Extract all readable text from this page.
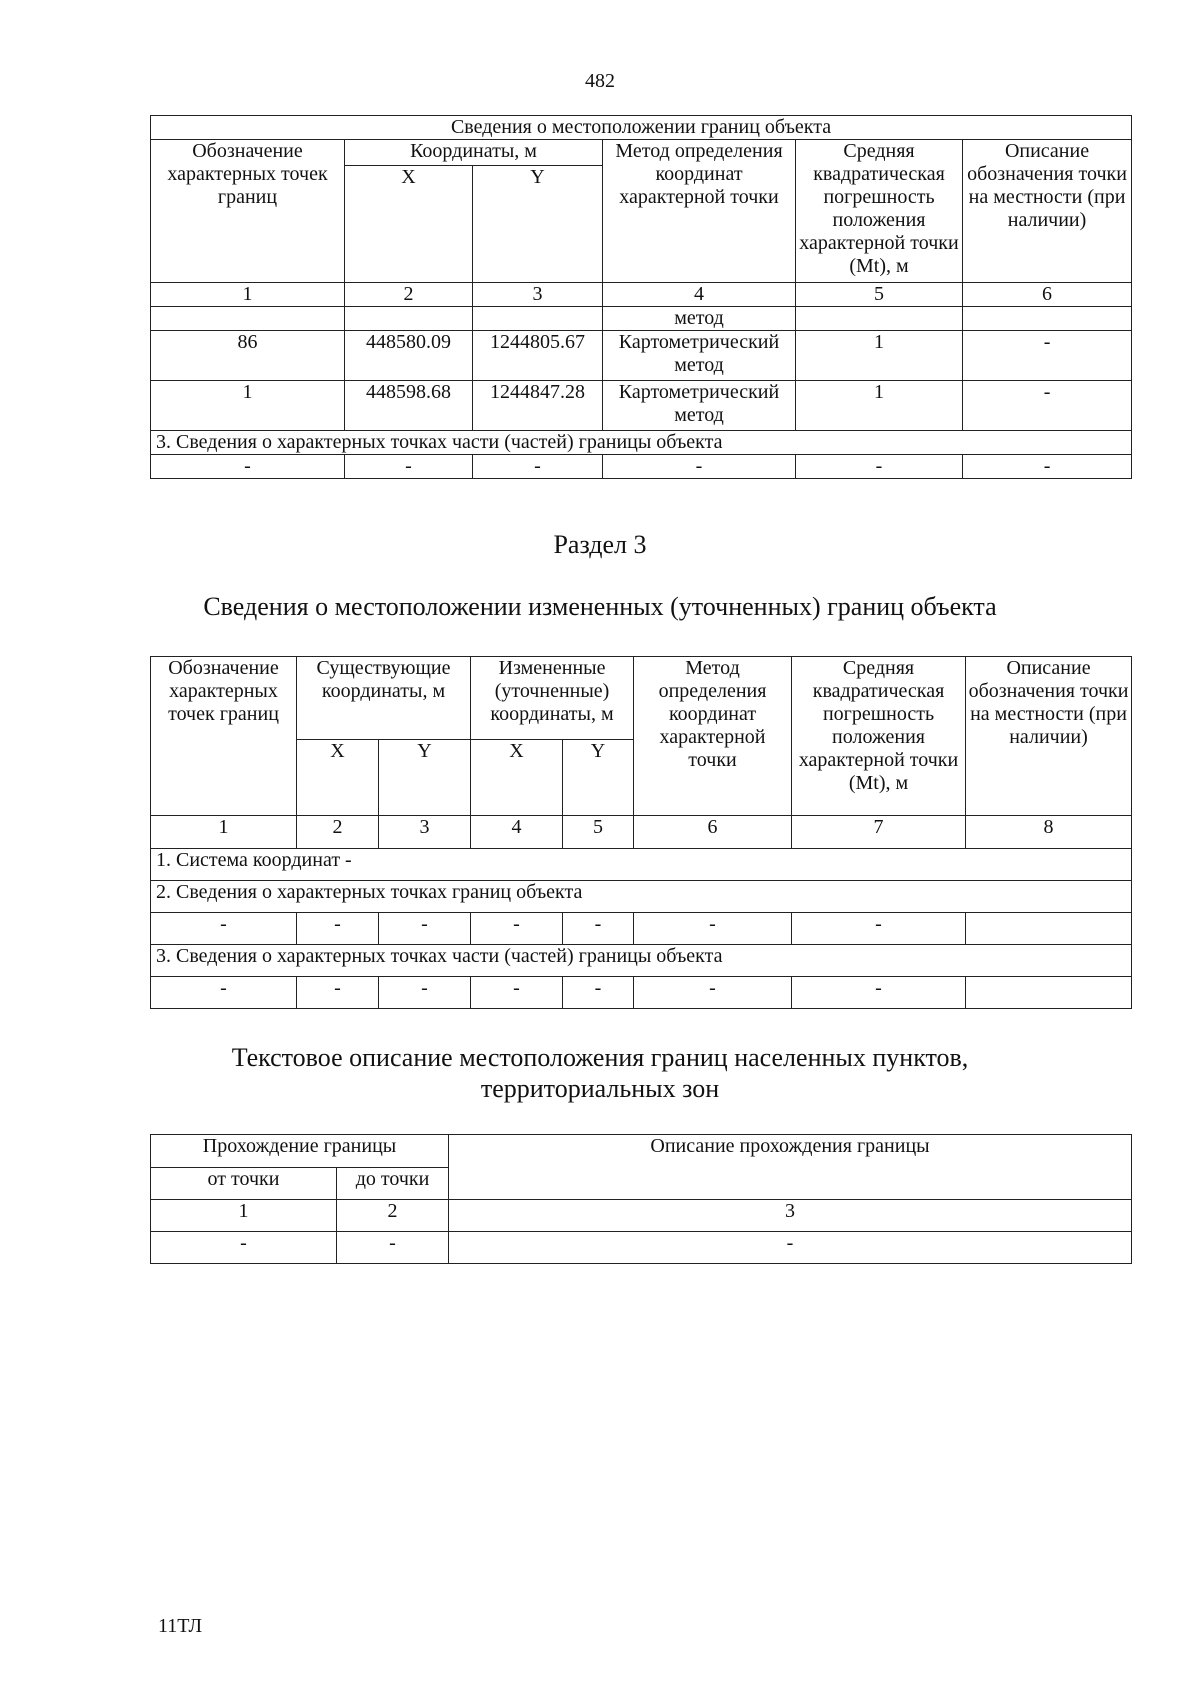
482
Сведения о местоположении границ объекта					
Обозначение характерных точек границ	Координаты, м		Метод определения координат характерной точки	Средняя квадратическая погрешность положения характерной точки (Mt), м	Описание обозначения точки на местности (при наличии)
	X	Y			
1	2	3	4	5	6
			метод		
86	448580.09	1244805.67	Картометрический метод	1	-
1	448598.68	1244847.28	Картометрический метод	1	-
3. Сведения о характерных точках части (частей) границы объекта					
-	-	-	-	-	-
Раздел 3
Сведения о местоположении измененных (уточненных) границ объекта
Обозначение характерных точек границ	Существующие координаты, м		Измененные (уточненные) координаты, м		Метод определения координат характерной точки	Средняя квадратическая погрешность положения характерной точки (Mt), м	Описание обозначения точки на местности (при наличии)
	X	Y	X	Y			
1	2	3	4	5	6	7	8
1. Система координат -							
2. Сведения о характерных точках границ объекта							
-	-	-	-	-	-	-	
3. Сведения о характерных точках части (частей) границы объекта							
-	-	-	-	-	-	-	
Текстовое описание местоположения границ населенных пунктов,
территориальных зон
Прохождение границы		Описание прохождения границы
от точки	до точки	
1	2	3
-	-	-
11ТЛ
